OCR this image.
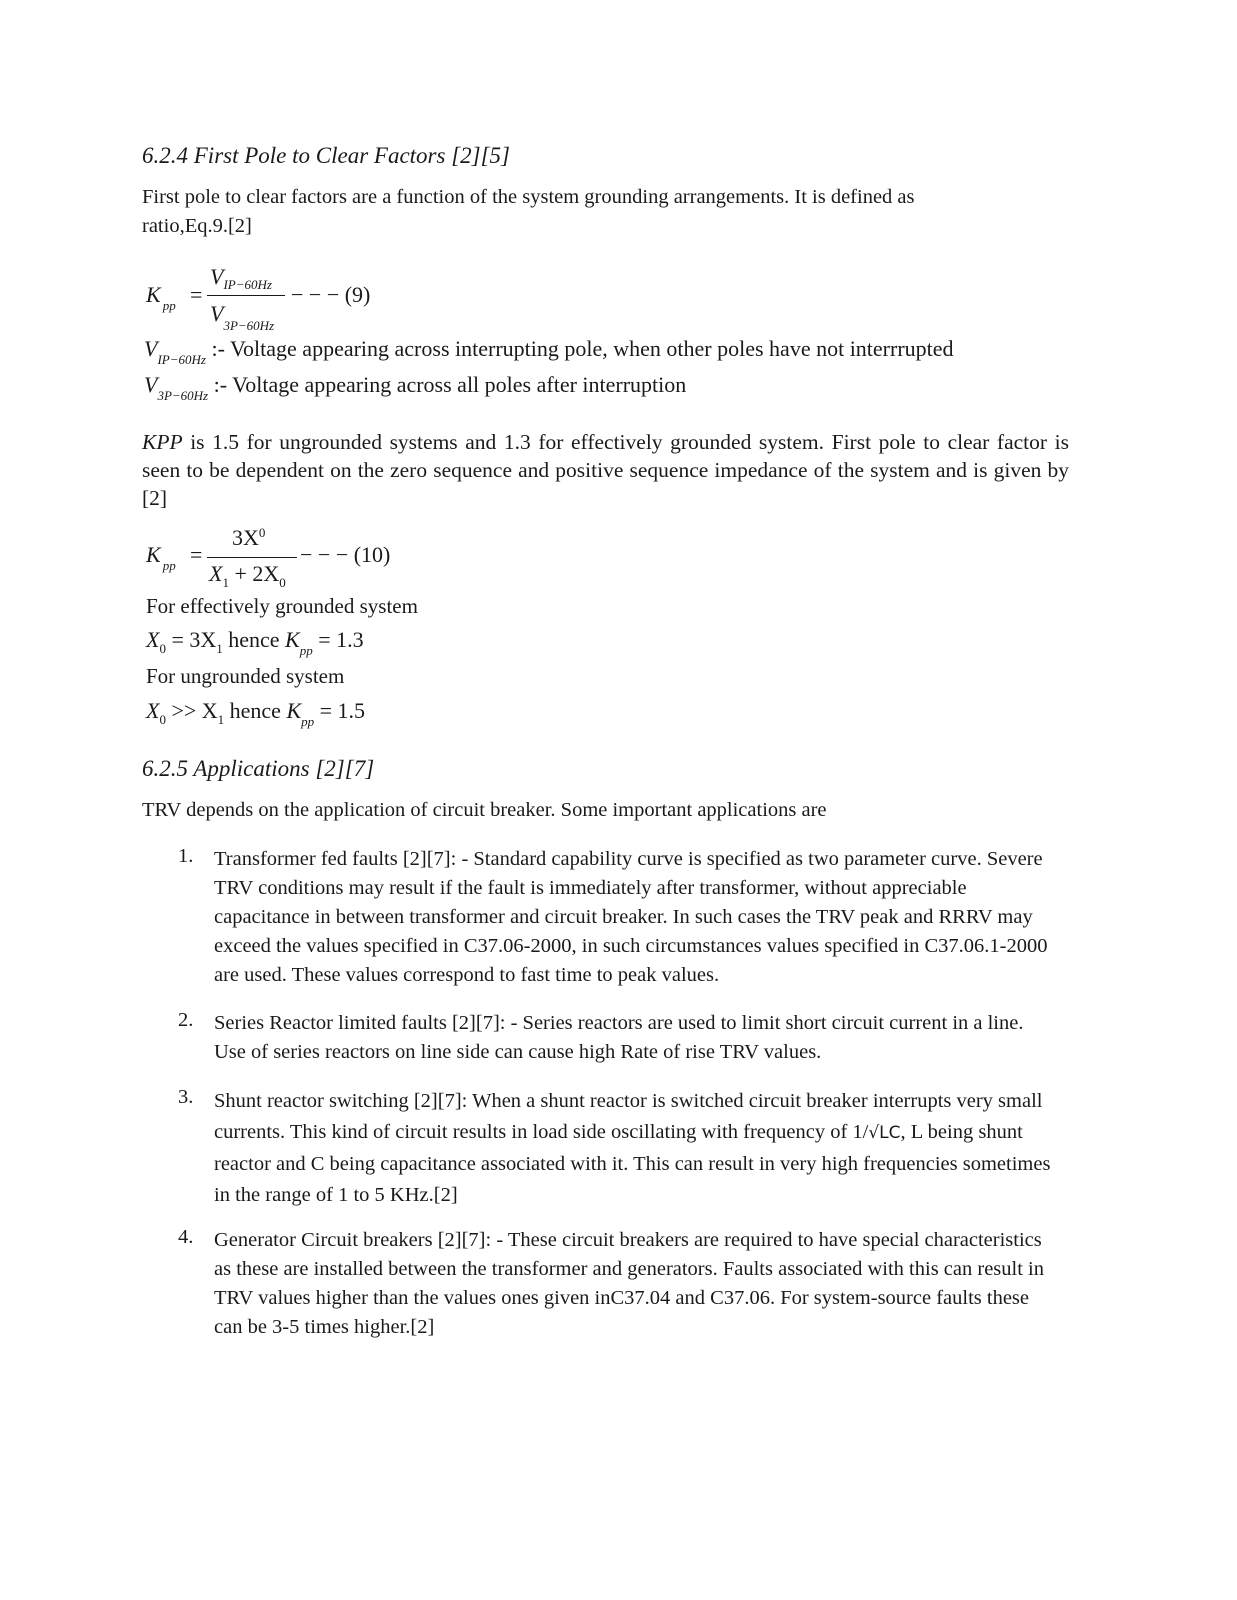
6.2.4 First Pole to Clear Factors [2][5]
First pole to clear factors are a function of the system grounding arrangements. It is defined as
ratio,Eq.9.[2]
K $_{pp}$ =
$V_{IP-60Hz}$
$V_{3P-60Hz}$
− − − (9)
$V_{IP-60Hz}$ :- Voltage appearing across interrupting pole, when other poles have not interrrupted
$V_{3P-60Hz}$ :- Voltage appearing across all poles after interruption
KPP is 1.5 for ungrounded systems and 1.3 for effectively grounded system. First pole to clear factor is seen to be dependent on the zero sequence and positive sequence impedance of the system and is given by [2]
K $_{pp}$ =
$3X^0$
$X_1 + 2X_0$
− − − (10)
For effectively grounded system
$X_0 = 3X_1$ hence $K_{pp} = 1.3$
For ungrounded system
$X_0 >> X_1$ hence $K_{pp} = 1.5$
6.2.5 Applications [2][7]
TRV depends on the application of circuit breaker. Some important applications are
1. Transformer fed faults [2][7]: - Standard capability curve is specified as two parameter curve. Severe TRV conditions may result if the fault is immediately after transformer, without appreciable capacitance in between transformer and circuit breaker. In such cases the TRV peak and RRRV may exceed the values specified in C37.06-2000, in such circumstances values specified in C37.06.1-2000 are used. These values correspond to fast time to peak values.
2. Series Reactor limited faults [2][7]: - Series reactors are used to limit short circuit current in a line. Use of series reactors on line side can cause high Rate of rise TRV values.
3. Shunt reactor switching [2][7]: When a shunt reactor is switched circuit breaker interrupts very small currents. This kind of circuit results in load side oscillating with frequency of 1/√LC, L being shunt reactor and C being capacitance associated with it. This can result in very high frequencies sometimes in the range of 1 to 5 KHz.[2]
4. Generator Circuit breakers [2][7]: - These circuit breakers are required to have special characteristics as these are installed between the transformer and generators. Faults associated with this can result in TRV values higher than the values ones given inC37.04 and C37.06. For system-source faults these can be 3-5 times higher.[2]
